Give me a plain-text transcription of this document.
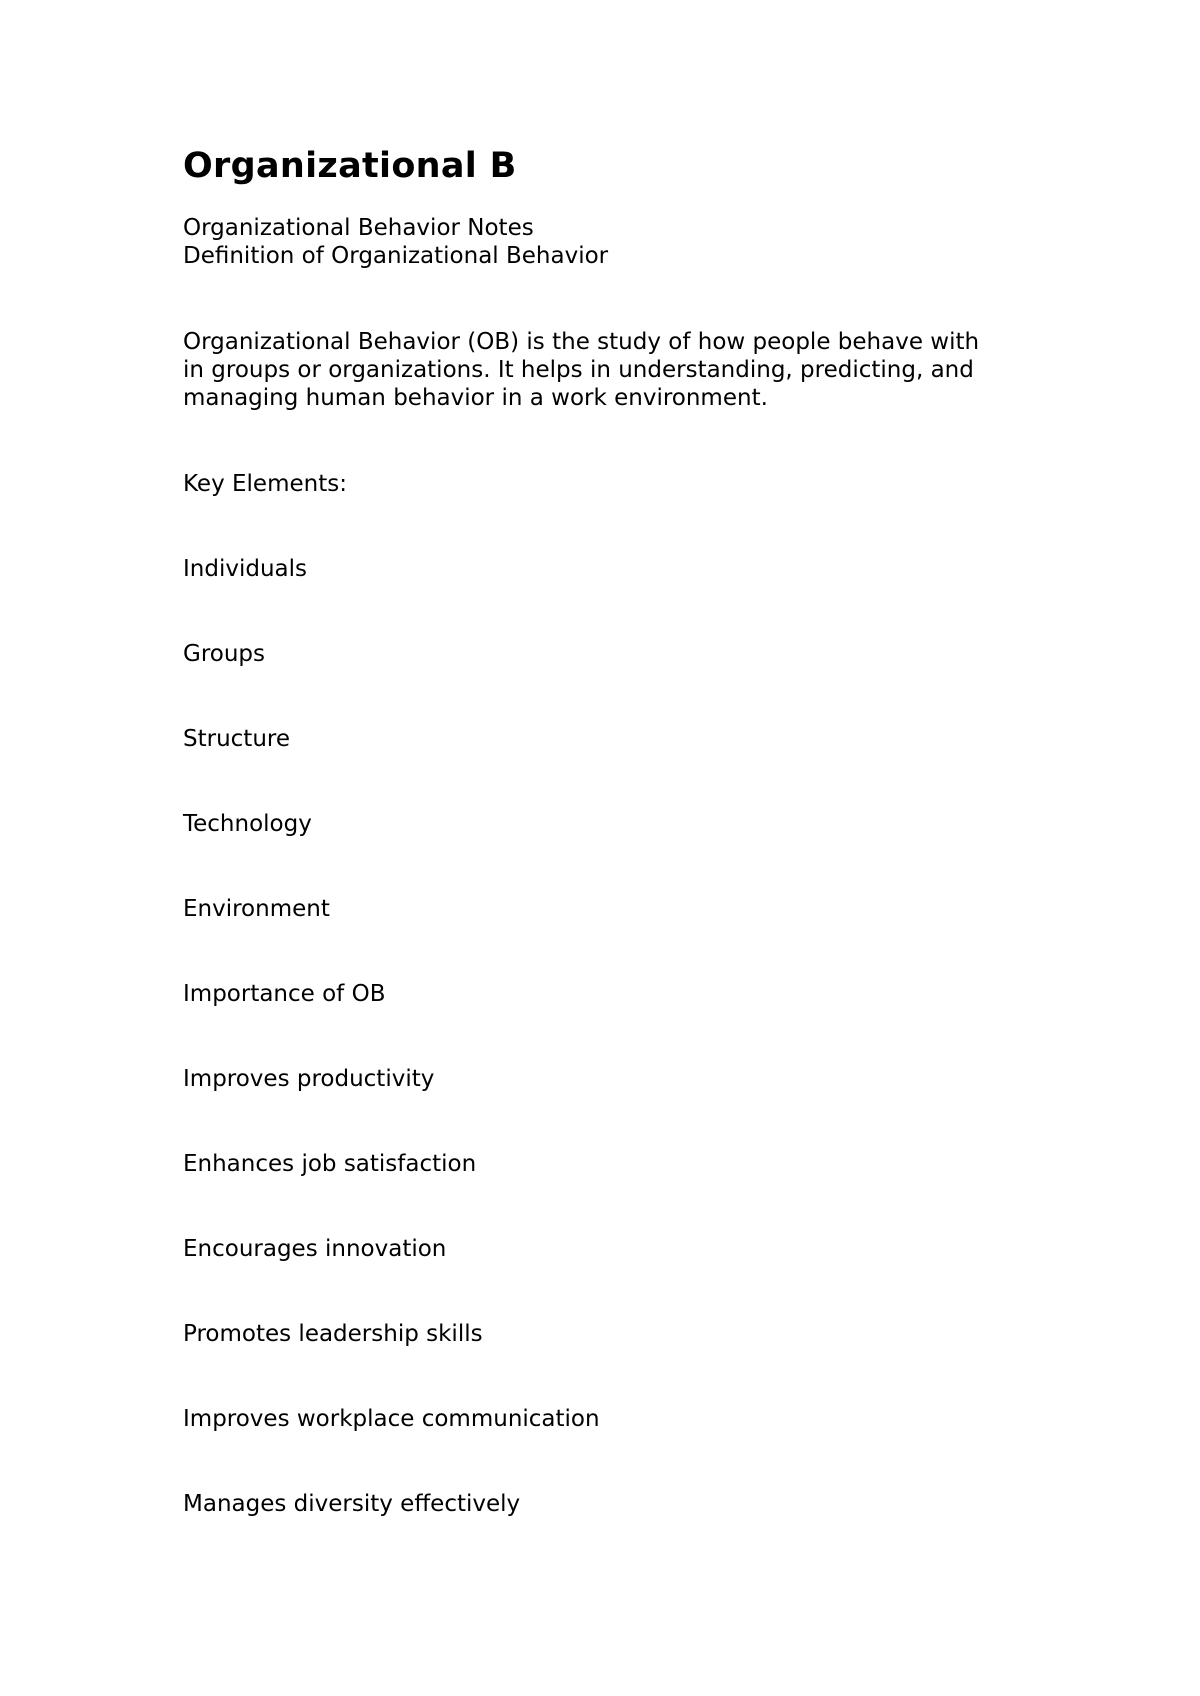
Organizational B
Organizational Behavior Notes
Definition of Organizational Behavior
Organizational Behavior (OB) is the study of how people behave with
in groups or organizations. It helps in understanding, predicting, and
managing human behavior in a work environment.
Key Elements:
Individuals
Groups
Structure
Technology
Environment
Importance of OB
Improves productivity
Enhances job satisfaction
Encourages innovation
Promotes leadership skills
Improves workplace communication
Manages diversity effectively
